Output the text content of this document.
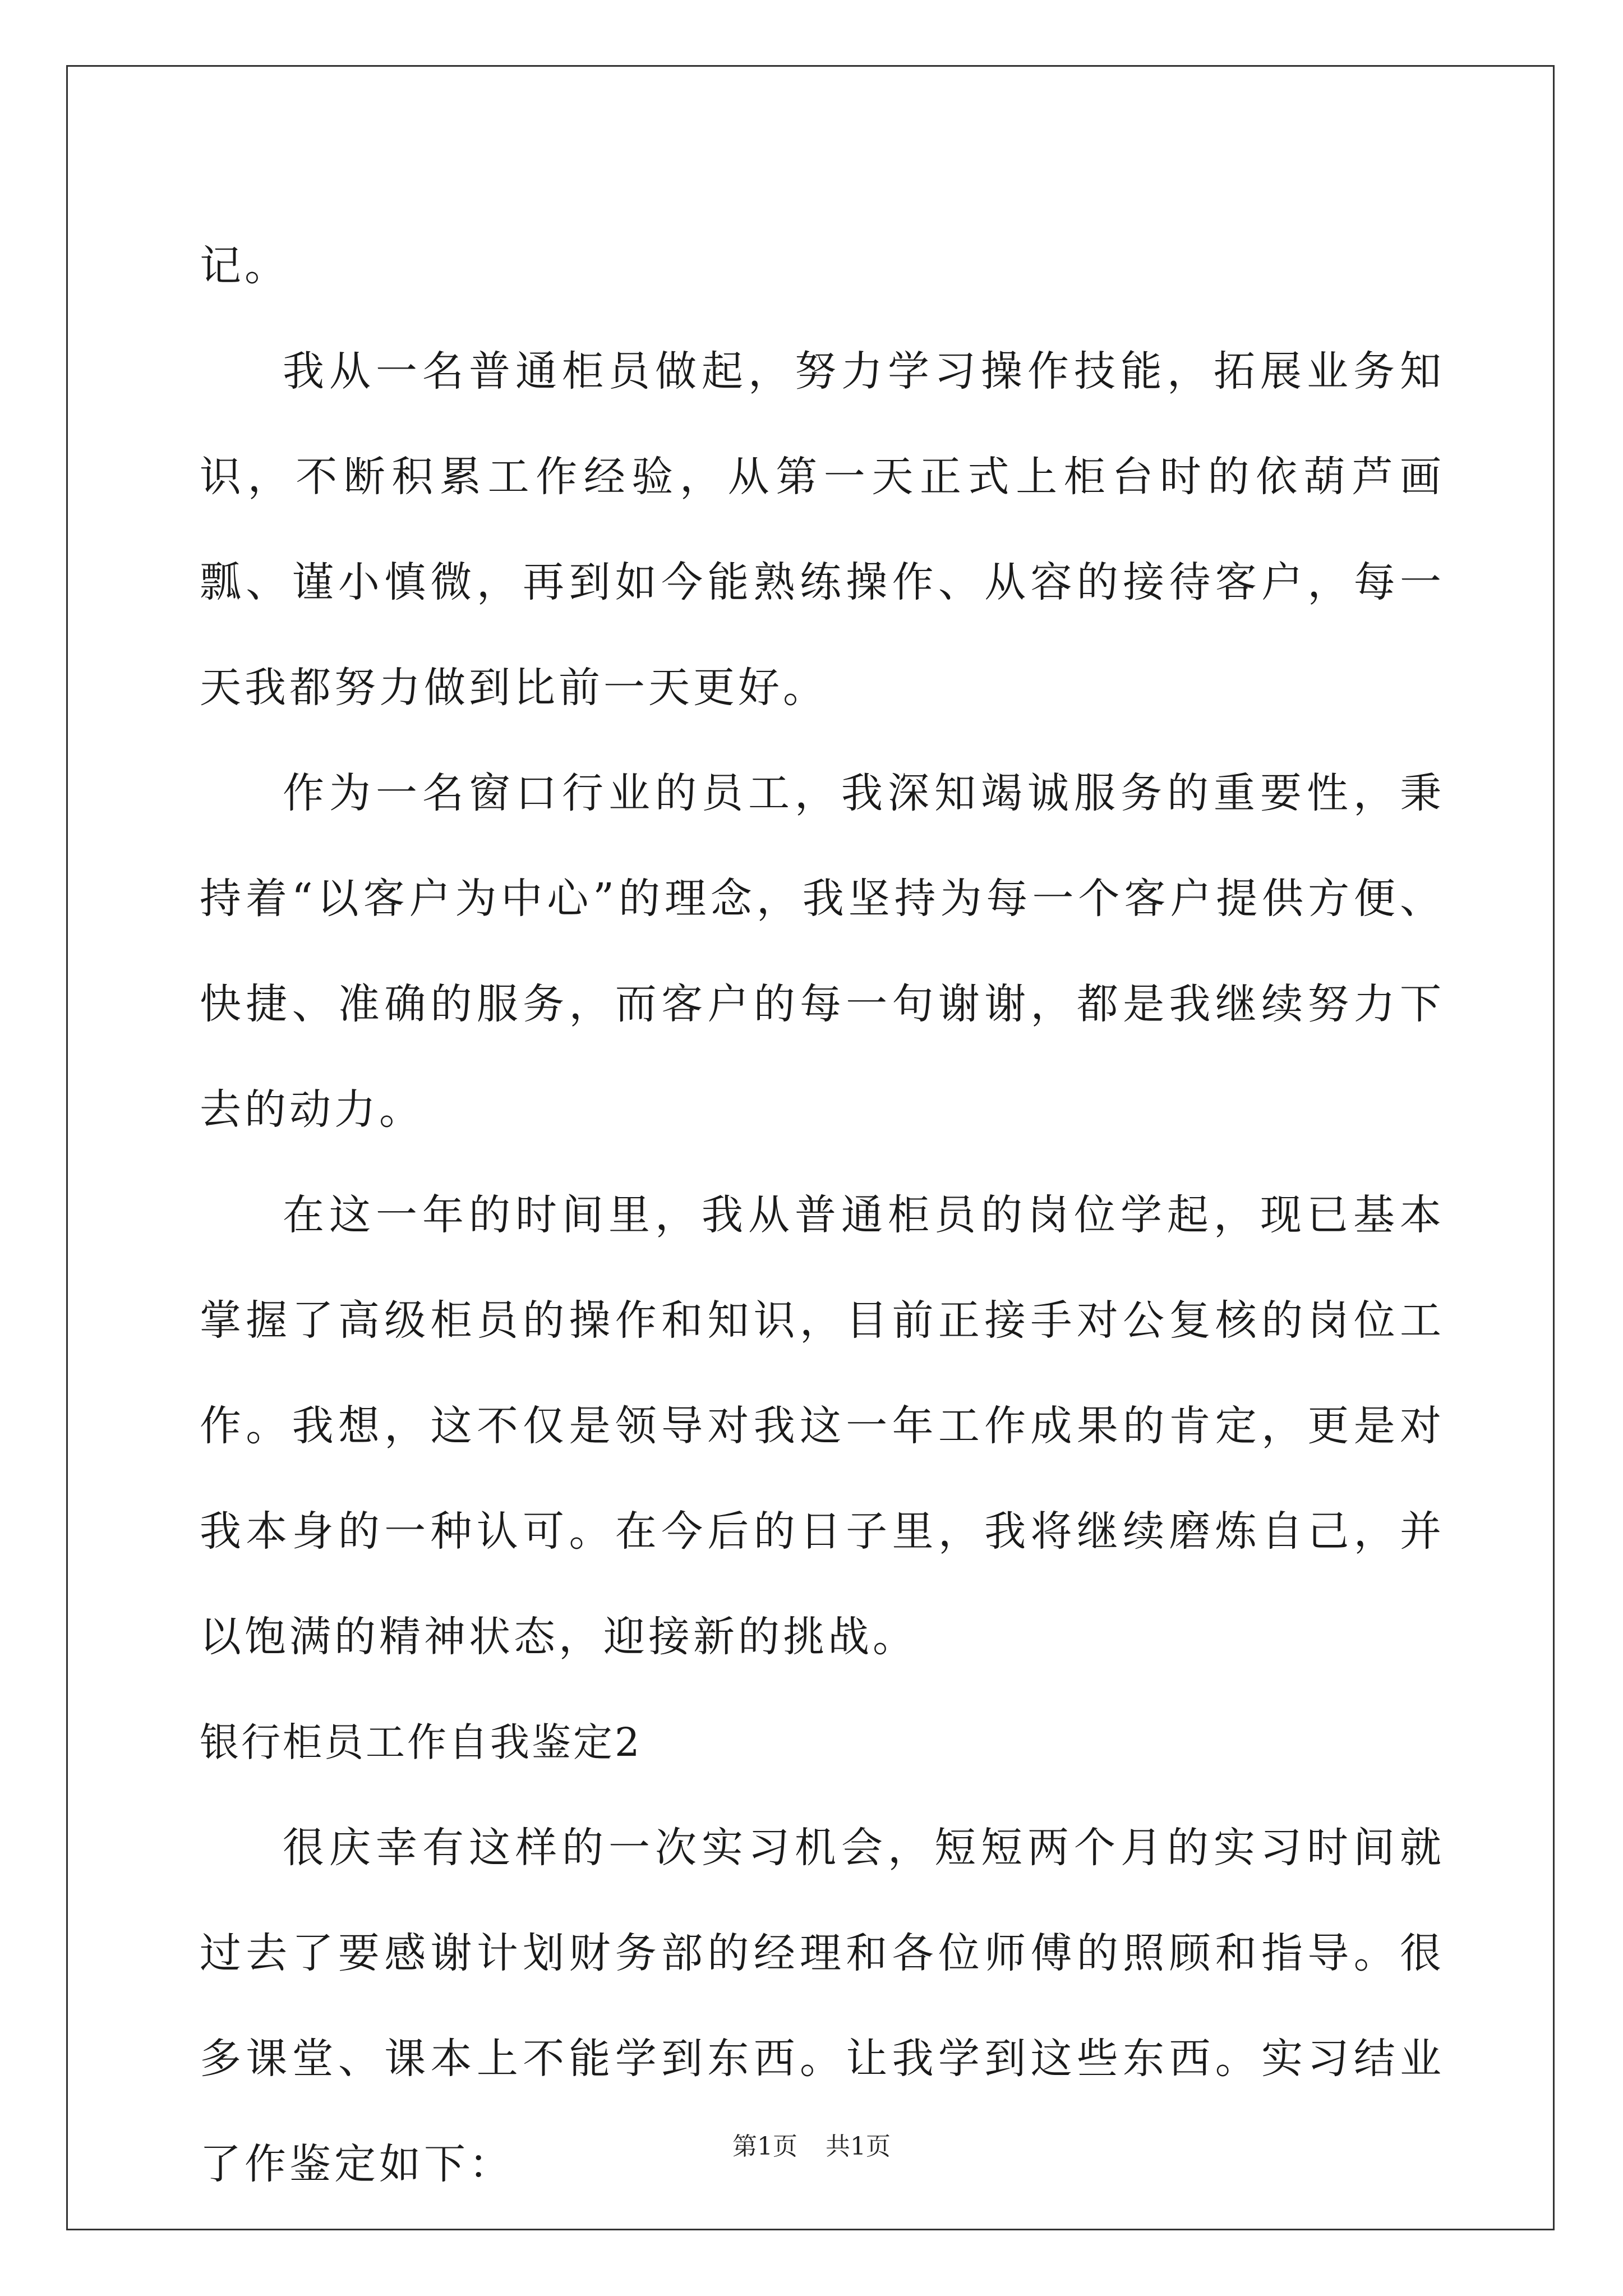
记。

我从一名普通柜员做起，努力学习操作技能，拓展业务知识，不断积累工作经验，从第一天正式上柜台时的依葫芦画瓢、谨小慎微，再到如今能熟练操作、从容的接待客户，每一天我都努力做到比前一天更好。

作为一名窗口行业的员工，我深知竭诚服务的重要性，秉持着“以客户为中心”的理念，我坚持为每一个客户提供方便、快捷、准确的服务，而客户的每一句谢谢，都是我继续努力下去的动力。

在这一年的时间里，我从普通柜员的岗位学起，现已基本掌握了高级柜员的操作和知识，目前正接手对公复核的岗位工作。我想，这不仅是领导对我这一年工作成果的肯定，更是对我本身的一种认可。在今后的日子里，我将继续磨炼自己，并以饱满的精神状态，迎接新的挑战。

银行柜员工作自我鉴定2

很庆幸有这样的一次实习机会，短短两个月的实习时间就过去了要感谢计划财务部的经理和各位师傅的照顾和指导。很多课堂、课本上不能学到东西。让我学到这些东西。实习结业了作鉴定如下：	第1页 共1页
